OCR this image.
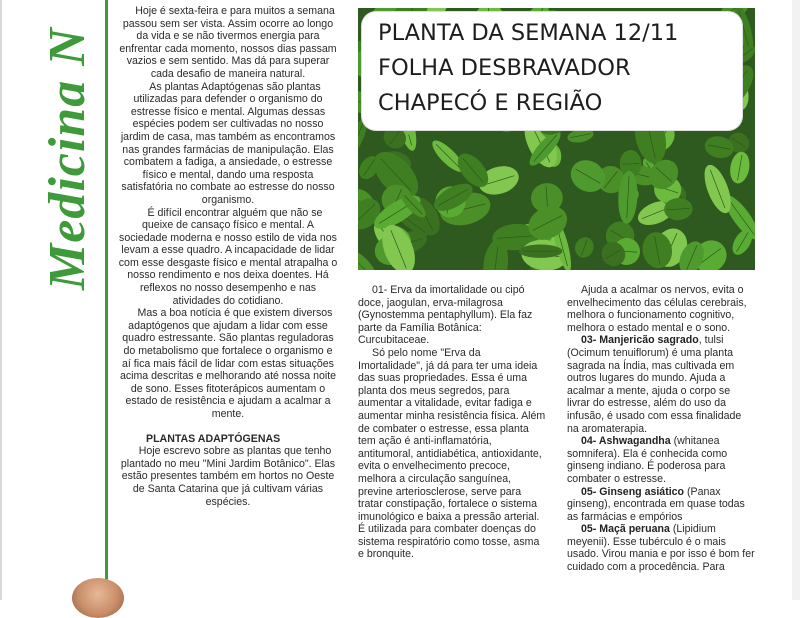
Medicina N

Hoje é sexta-feira e para muitos a semana passou sem ser vista. Assim ocorre ao longo da vida e se não tivermos energia para enfrentar cada momento, nossos dias passam vazios e sem sentido. Mas dá para superar cada desafio de maneira natural.

As plantas Adaptógenas são plantas utilizadas para defender o organismo do estresse físico e mental. Algumas dessas espécies podem ser cultivadas no nosso jardim de casa, mas também as encontramos nas grandes farmácias de manipulação. Elas combatem a fadiga, a ansiedade, o estresse físico e mental, dando uma resposta satisfatória no combate ao estresse do nosso organismo.

É difícil encontrar alguém que não se queixe de cansaço físico e mental. A sociedade moderna e nosso estilo de vida nos levam a esse quadro. A incapacidade de lidar com esse desgaste físico e mental atrapalha o nosso rendimento e nos deixa doentes. Há reflexos no nosso desempenho e nas atividades do cotidiano.

Mas a boa notícia é que existem diversos adaptógenos que ajudam a lidar com esse quadro estressante. São plantas reguladoras do metabolismo que fortalece o organismo e aí fica mais fácil de lidar com estas situações acima descritas e melhorando até nossa noite de sono. Esses fitoterápicos aumentam o estado de resistência e ajudam a acalmar a mente.

PLANTAS ADAPTÓGENAS

Hoje escrevo sobre as plantas que tenho plantado no meu "Mini Jardim Botânico". Elas estão presentes também em hortos no Oeste de Santa Catarina que já cultivam várias espécies.

PLANTA DA SEMANA 12/11
FOLHA DESBRAVADOR
CHAPECÓ E REGIÃO

01- Erva da imortalidade ou cipó doce, jaogulan, erva-milagrosa (Gynostemma pentaphyllum). Ela faz parte da Família Botânica: Curcubitaceae.

Só pelo nome "Erva da Imortalidade", já dá para ter uma ideia das suas propriedades. Essa é uma planta dos meus segredos, para aumentar a vitalidade, evitar fadiga e aumentar minha resistência física. Além de combater o estresse, essa planta tem ação é anti-inflamatória, antitumoral, antidiabética, antioxidante, evita o envelhecimento precoce, melhora a circulação sanguínea, previne arteriosclerose, serve para tratar constipação, fortalece o sistema imunológico e baixa a pressão arterial. É utilizada para combater doenças do sistema respiratório como tosse, asma e bronquite.

Ajuda a acalmar os nervos, evita o envelhecimento das células cerebrais, melhora o funcionamento cognitivo, melhora o estado mental e o sono.

03- Manjericão sagrado, tulsi (Ocimum tenuiflorum) é uma planta sagrada na Índia, mas cultivada em outros lugares do mundo. Ajuda a acalmar a mente, ajuda o corpo se livrar do estresse, além do uso da infusão, é usado com essa finalidade na aromaterapia.

04- Ashwagandha (whitanea somnifera). Ela é conhecida como ginseng indiano. É poderosa para combater o estresse.

05- Ginseng asiático (Panax ginseng), encontrada em quase todas as farmácias e empórios

05- Maçã peruana (Lipidium meyenii). Esse tubérculo é o mais usado. Virou mania e por isso é bom fer cuidado com a procedência. Para
